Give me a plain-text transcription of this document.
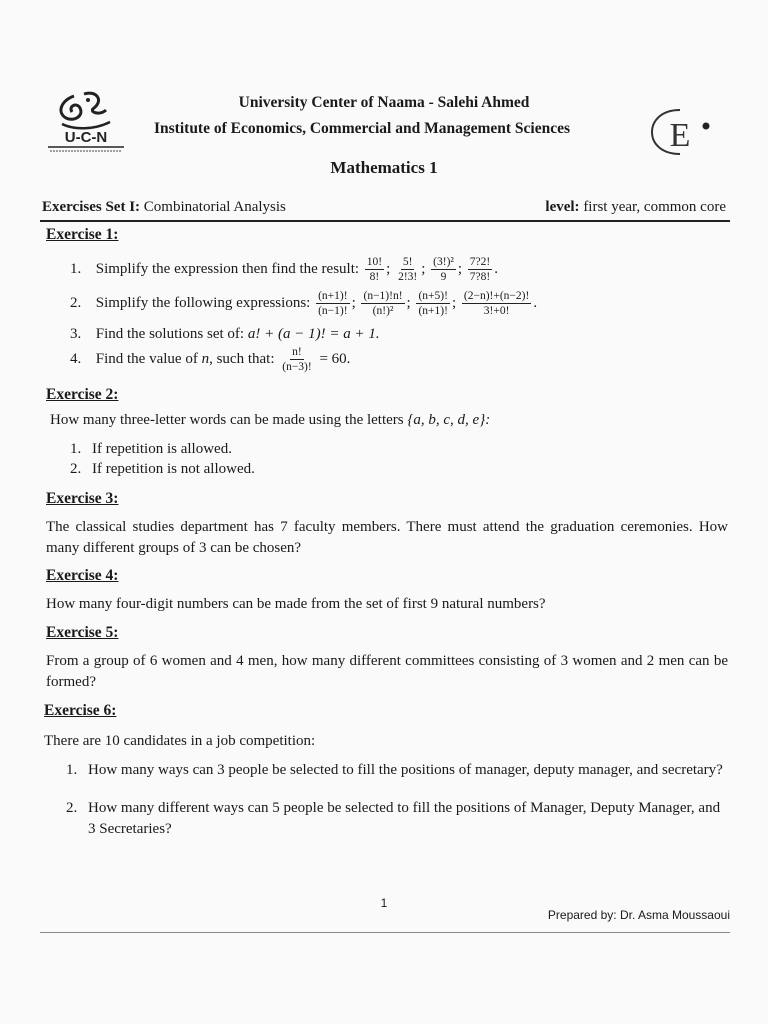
U-C-N	E
University Center of Naama - Salehi Ahmed
Institute of Economics, Commercial and Management Sciences
Mathematics 1
Exercises Set I: Combinatorial Analysis	level: first year, common core
Exercise 1:
1. Simplify the expression then find the result: $\frac{10!}{8!}$ ; $\frac{5!}{2!3!}$ ; $\frac{\text{(3!)²}}{9}$ ; $\frac{7?2!}{7?8!}$ .
2. Simplify the following expressions: $\frac{(n+1)!}{(n-1)!}$ ; $\frac{(n-1)!n!}{\text{(n!)²}}$ ; $\frac{(n+5)!}{(n+1)!}$ ; $\frac{(2-n)!+(n-2)!}{3!+0!}$ .
3. Find the solutions set of: a! + (a − 1)! = a + 1.
4. Find the value of n, such that: $\frac{n!}{(n-3)!} = 60$.
Exercise 2:
How many three-letter words can be made using the letters {a, b, c, d, e}:
1. If repetition is allowed.
2. If repetition is not allowed.
Exercise 3:
The classical studies department has 7 faculty members. There must attend the graduation ceremonies. How many different groups of 3 can be chosen?
Exercise 4:
How many four-digit numbers can be made from the set of first 9 natural numbers?
Exercise 5:
From a group of 6 women and 4 men, how many different committees consisting of 3 women and 2 men can be formed?
Exercise 6:
There are 10 candidates in a job competition:
1. How many ways can 3 people be selected to fill the positions of manager, deputy manager, and secretary?
2. How many different ways can 5 people be selected to fill the positions of Manager, Deputy Manager, and 3 Secretaries?
1
Prepared by: Dr. Asma Moussaoui
